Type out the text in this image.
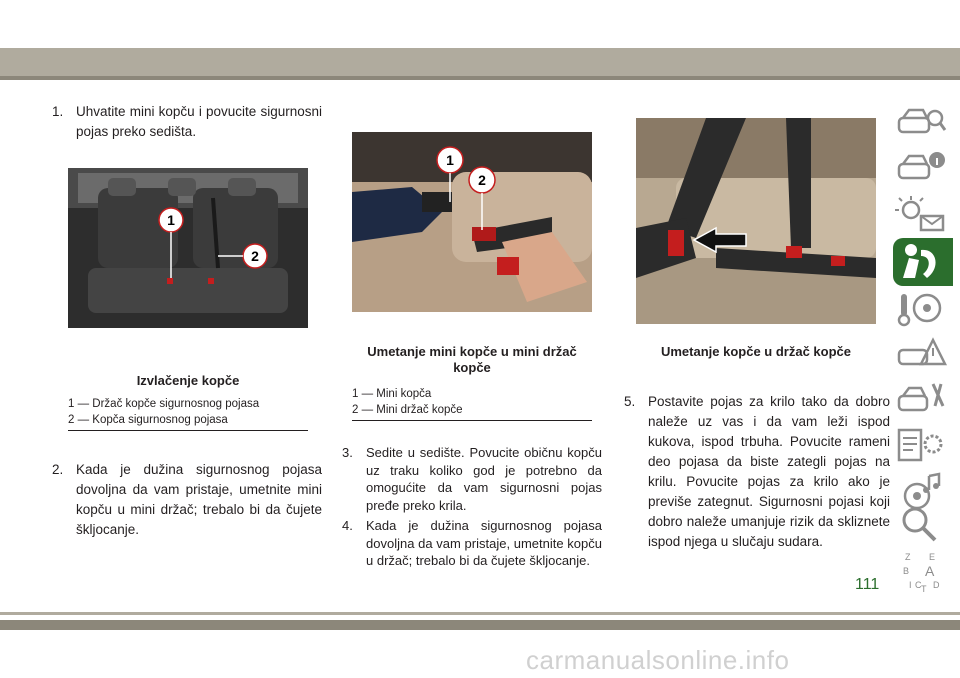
1. Uhvatite mini kopču i povucite sigurnosni pojas preko sedišta.
1
2
Izvlačenje kopče
1 — Držač kopče sigurnosnog pojasa
2 — Kopča sigurnosnog pojasa
2. Kada je dužina sigurnosnog pojasa dovoljna da vam pristaje, umetnite mini kopču u mini držač; trebalo bi da čujete škljocanje.
1
2
Umetanje mini kopče u mini držač kopče
1 — Mini kopča
2 — Mini držač kopče
3.	Sedite u sedište. Povucite običnu kopču uz traku koliko god je potrebno da omogućite da vam sigurnosni pojas pređe preko krila.
4.	Kada je dužina sigurnosnog pojasa dovoljna da vam pristaje, umetnite kopču u držač; trebalo bi da čujete škljocanje.
Umetanje kopče u držač kopče
5. Postavite pojas za krilo tako da dobro naleže uz vas i da vam leži ispod kukova, ispod trbuha. Povucite rameni deo pojasa da biste zategli pojas na krilu. Povucite pojas za krilo ako je previše zategnut. Sigurnosni pojasi koji dobro naleže umanjuje rizik da skliznete ispod njega u slučaju sudara.
Z E
B A
I C T D
111
carmanualsonline.info
